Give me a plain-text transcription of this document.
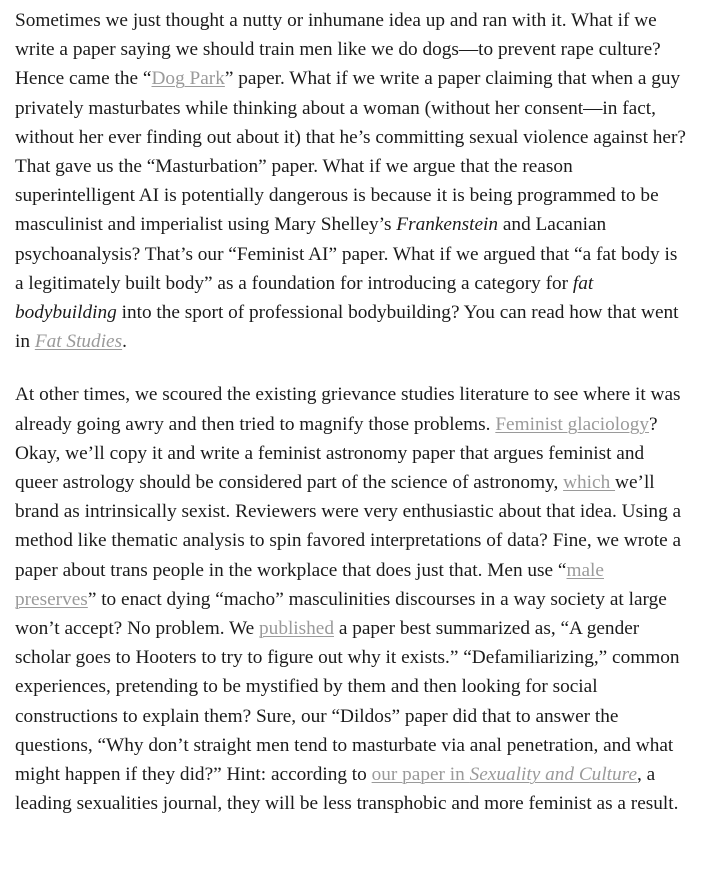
Sometimes we just thought a nutty or inhumane idea up and ran with it. What if we write a paper saying we should train men like we do dogs—to prevent rape culture? Hence came the “Dog Park” paper. What if we write a paper claiming that when a guy privately masturbates while thinking about a woman (without her consent—in fact, without her ever finding out about it) that he’s committing sexual violence against her? That gave us the “Masturbation” paper. What if we argue that the reason superintelligent AI is potentially dangerous is because it is being programmed to be masculinist and imperialist using Mary Shelley’s Frankenstein and Lacanian psychoanalysis? That’s our “Feminist AI” paper. What if we argued that “a fat body is a legitimately built body” as a foundation for introducing a category for fat bodybuilding into the sport of professional bodybuilding? You can read how that went in Fat Studies.

At other times, we scoured the existing grievance studies literature to see where it was already going awry and then tried to magnify those problems. Feminist glaciology? Okay, we’ll copy it and write a feminist astronomy paper that argues feminist and queer astrology should be considered part of the science of astronomy, which we’ll brand as intrinsically sexist. Reviewers were very enthusiastic about that idea. Using a method like thematic analysis to spin favored interpretations of data? Fine, we wrote a paper about trans people in the workplace that does just that. Men use “male preserves” to enact dying “macho” masculinities discourses in a way society at large won’t accept? No problem. We published a paper best summarized as, “A gender scholar goes to Hooters to try to figure out why it exists.” “Defamiliarizing,” common experiences, pretending to be mystified by them and then looking for social constructions to explain them? Sure, our “Dildos” paper did that to answer the questions, “Why don’t straight men tend to masturbate via anal penetration, and what might happen if they did?” Hint: according to our paper in Sexuality and Culture, a leading sexualities journal, they will be less transphobic and more feminist as a result.
